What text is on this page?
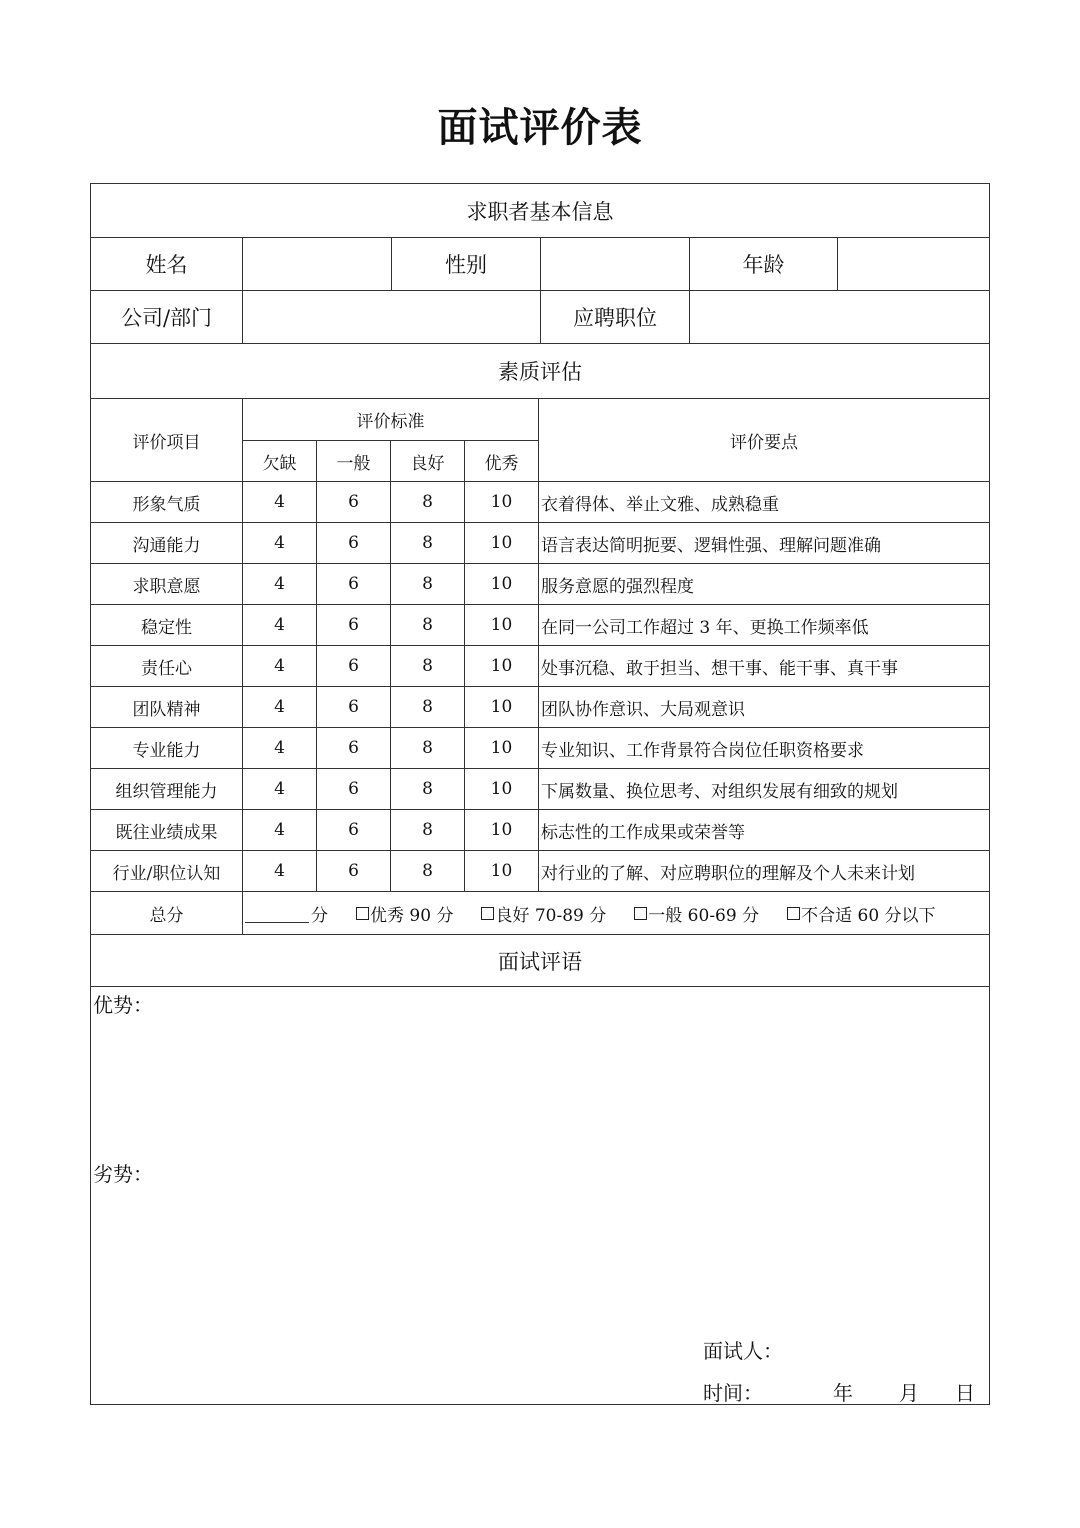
面试评价表
求职者基本信息
姓名	性别	年龄
公司/部门	应聘职位
素质评估
评价项目
评价标准
欠缺	一般	良好	优秀
评价要点
形象气质	4	6	8	10	衣着得体、举止文雅、成熟稳重
沟通能力	4	6	8	10	语言表达简明扼要、逻辑性强、理解问题准确
求职意愿	4	6	8	10	服务意愿的强烈程度
稳定性	4	6	8	10	在同一公司工作超过 3 年、更换工作频率低
责任心	4	6	8	10	处事沉稳、敢于担当、想干事、能干事、真干事
团队精神	4	6	8	10	团队协作意识、大局观意识
专业能力	4	6	8	10	专业知识、工作背景符合岗位任职资格要求
组织管理能力	4	6	8	10	下属数量、换位思考、对组织发展有细致的规划
既往业绩成果	4	6	8	10	标志性的工作成果或荣誉等
行业/职位认知	4	6	8	10	对行业的了解、对应聘职位的理解及个人未来计划
总分	分	优秀 90 分	良好 70-89 分	一般 60-69 分	不合适 60 分以下
面试评语
优势：
劣势：
面试人：
时间：	年 月 日
